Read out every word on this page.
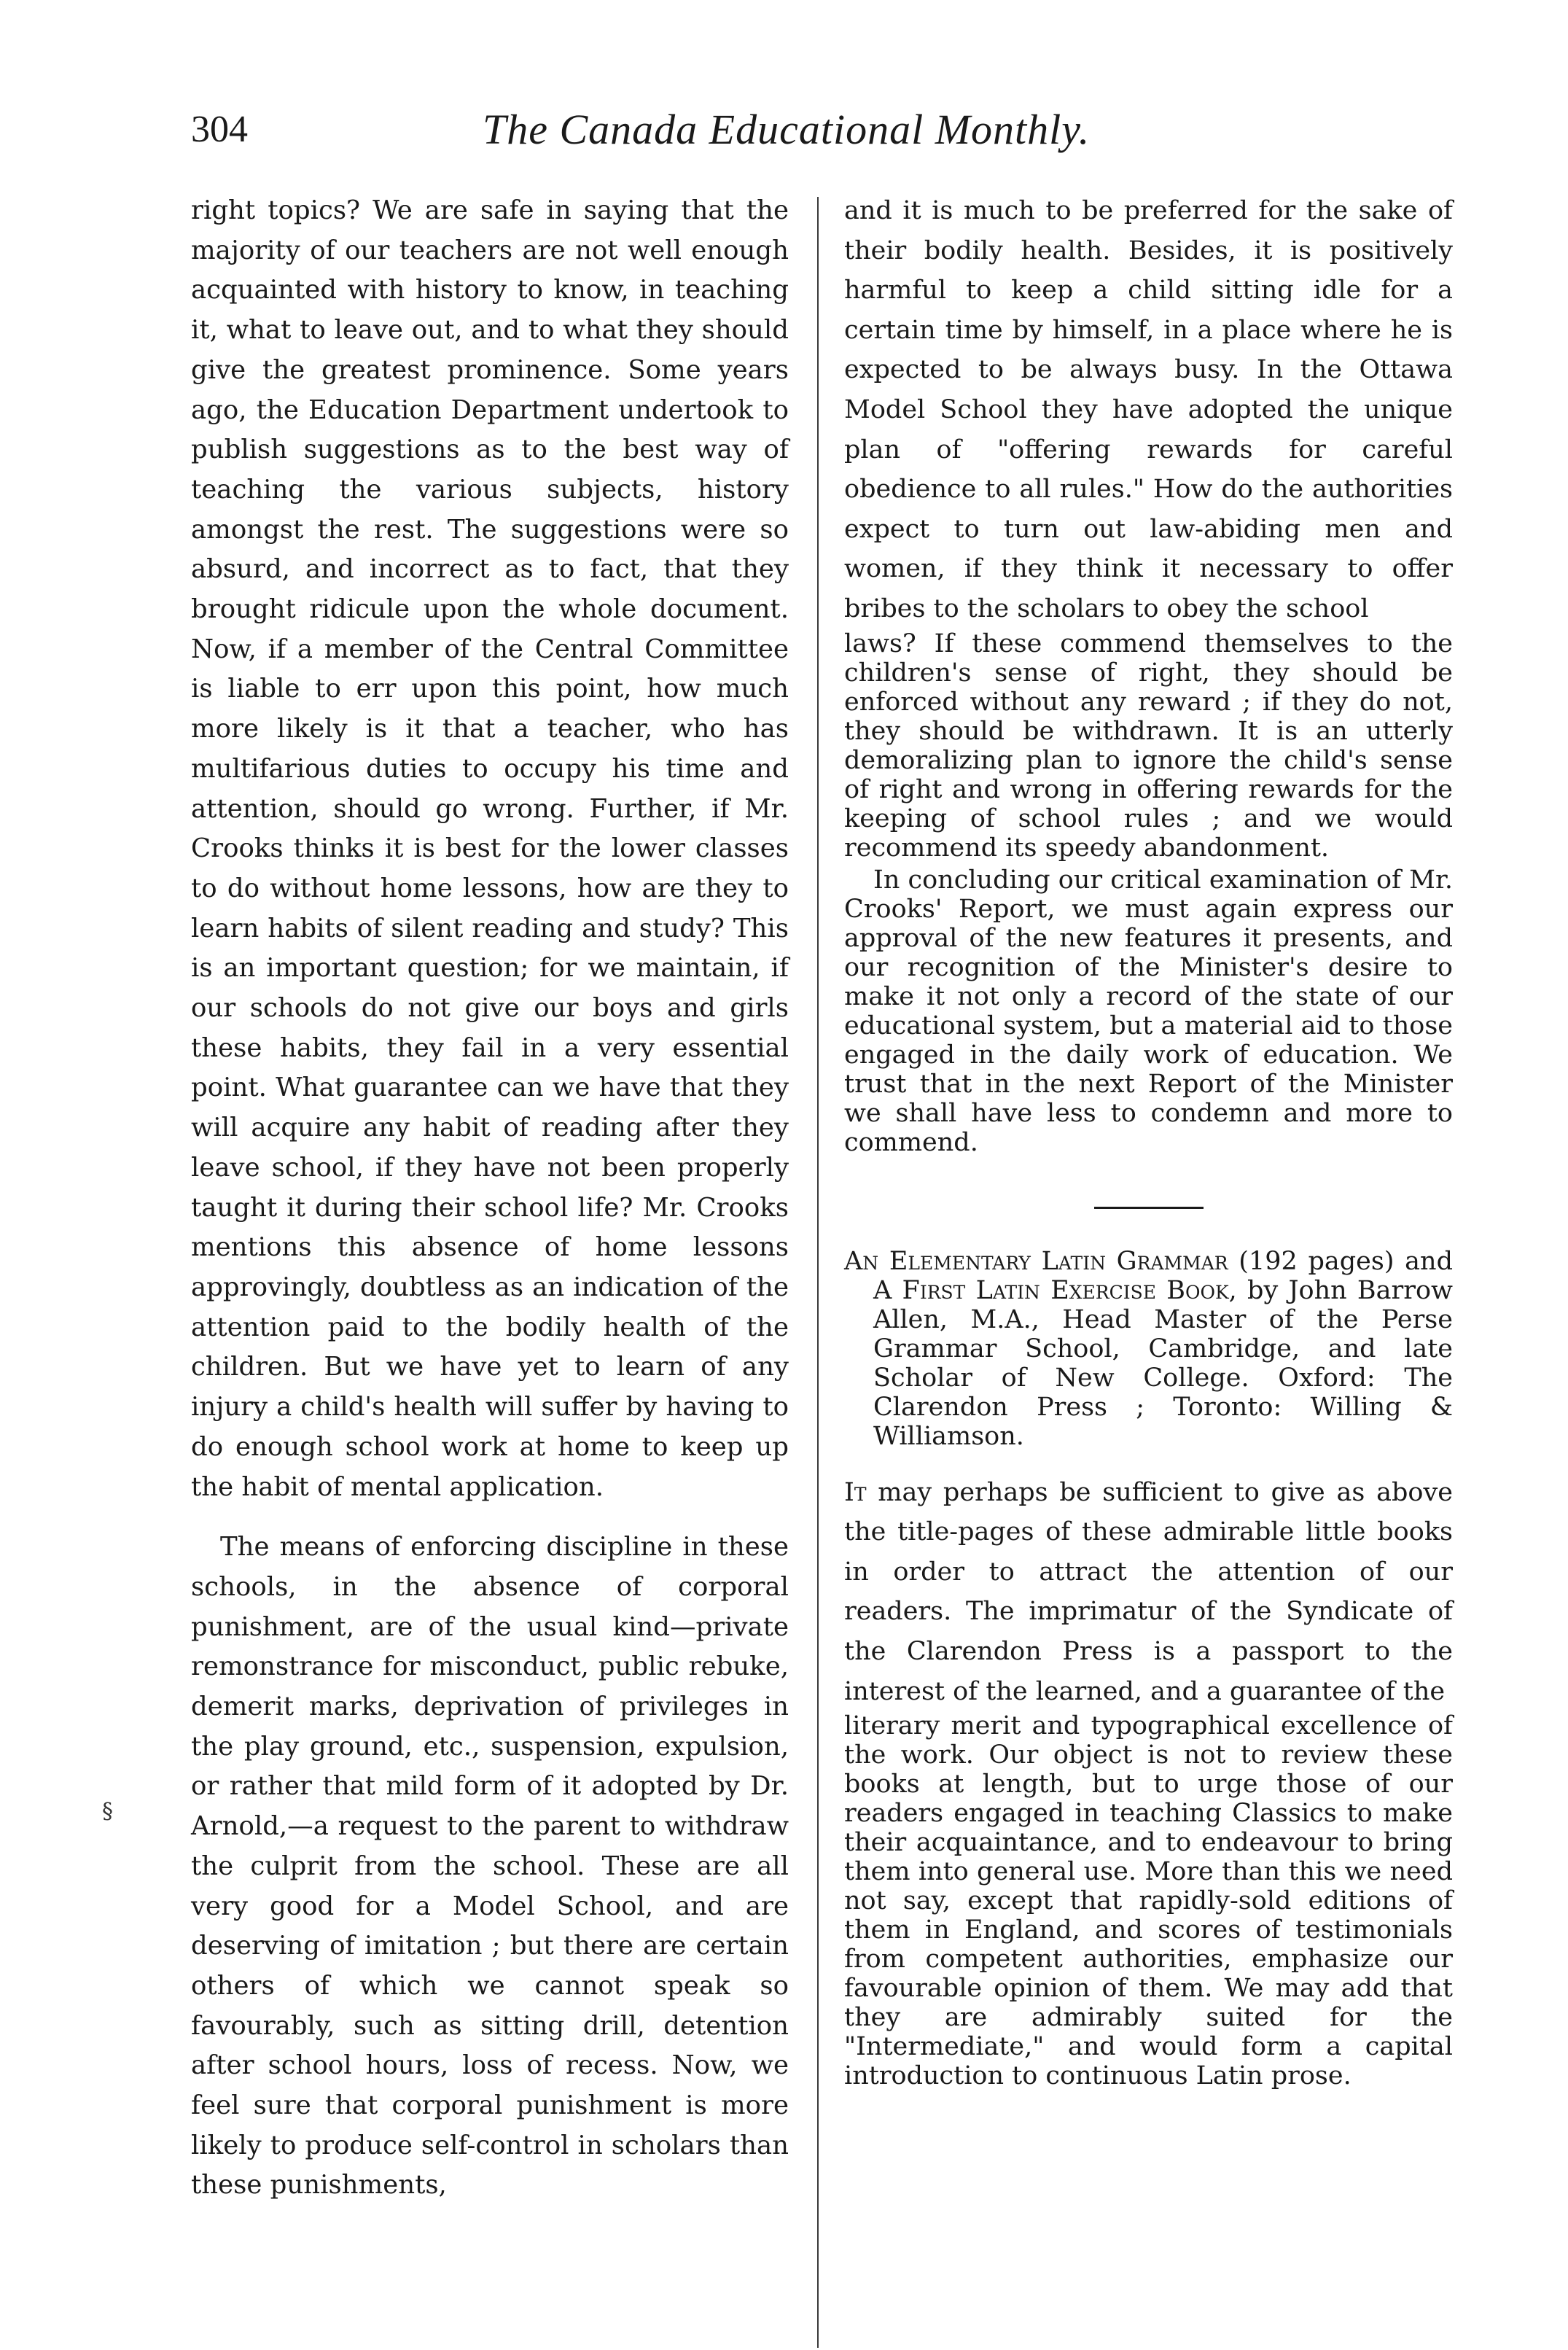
304	The Canada Educational Monthly.
§

right topics? We are safe in saying that the majority of our teachers are not well enough acquainted with history to know, in teaching it, what to leave out, and to what they should give the greatest prominence. Some years ago, the Education Department undertook to publish suggestions as to the best way of teaching the various subjects, history amongst the rest. The suggestions were so absurd, and incorrect as to fact, that they brought ridicule upon the whole document. Now, if a member of the Central Committee is liable to err upon this point, how much more likely is it that a teacher, who has multifarious duties to occupy his time and attention, should go wrong. Further, if Mr. Crooks thinks it is best for the lower classes to do without home lessons, how are they to learn habits of silent reading and study? This is an important question; for we maintain, if our schools do not give our boys and girls these habits, they fail in a very essential point. What guarantee can we have that they will acquire any habit of reading after they leave school, if they have not been properly taught it during their school life? Mr. Crooks mentions this absence of home lessons approvingly, doubtless as an indication of the attention paid to the bodily health of the children. But we have yet to learn of any injury a child's health will suffer by having to do enough school work at home to keep up the habit of mental application.

The means of enforcing discipline in these schools, in the absence of corporal punishment, are of the usual kind—private remonstrance for misconduct, public rebuke, demerit marks, deprivation of privileges in the play ground, etc., suspension, expulsion, or rather that mild form of it adopted by Dr. Arnold,—a request to the parent to withdraw the culprit from the school. These are all very good for a Model School, and are deserving of imitation ; but there are certain others of which we cannot speak so favourably, such as sitting drill, detention after school hours, loss of recess. Now, we feel sure that corporal punishment is more likely to produce self-control in scholars than these punishments,

and it is much to be preferred for the sake of their bodily health. Besides, it is positively harmful to keep a child sitting idle for a certain time by himself, in a place where he is expected to be always busy. In the Ottawa Model School they have adopted the unique plan of "offering rewards for careful obedience to all rules." How do the authorities expect to turn out law-abiding men and women, if they think it necessary to offer bribes to the scholars to obey the school

laws? If these commend themselves to the children's sense of right, they should be enforced without any reward ; if they do not, they should be withdrawn. It is an utterly demoralizing plan to ignore the child's sense of right and wrong in offering rewards for the keeping of school rules ; and we would recommend its speedy abandonment.

In concluding our critical examination of Mr. Crooks' Report, we must again express our approval of the new features it presents, and our recognition of the Minister's desire to make it not only a record of the state of our educational system, but a material aid to those engaged in the daily work of education. We trust that in the next Report of the Minister we shall have less to condemn and more to commend.

An Elementary Latin Grammar (192 pages) and A First Latin Exercise Book, by John Barrow Allen, M.A., Head Master of the Perse Grammar School, Cambridge, and late Scholar of New College. Oxford: The Clarendon Press ; Toronto: Willing & Williamson.

It may perhaps be sufficient to give as above the title-pages of these admirable little books in order to attract the attention of our readers. The imprimatur of the Syndicate of the Clarendon Press is a passport to the interest of the learned, and a guarantee of the

literary merit and typographical excellence of the work. Our object is not to review these books at length, but to urge those of our readers engaged in teaching Classics to make their acquaintance, and to endeavour to bring them into general use. More than this we need not say, except that rapidly-sold editions of them in England, and scores of testimonials from competent authorities, emphasize our favourable opinion of them. We may add that they are admirably suited for the "Intermediate," and would form a capital introduction to continuous Latin prose.
